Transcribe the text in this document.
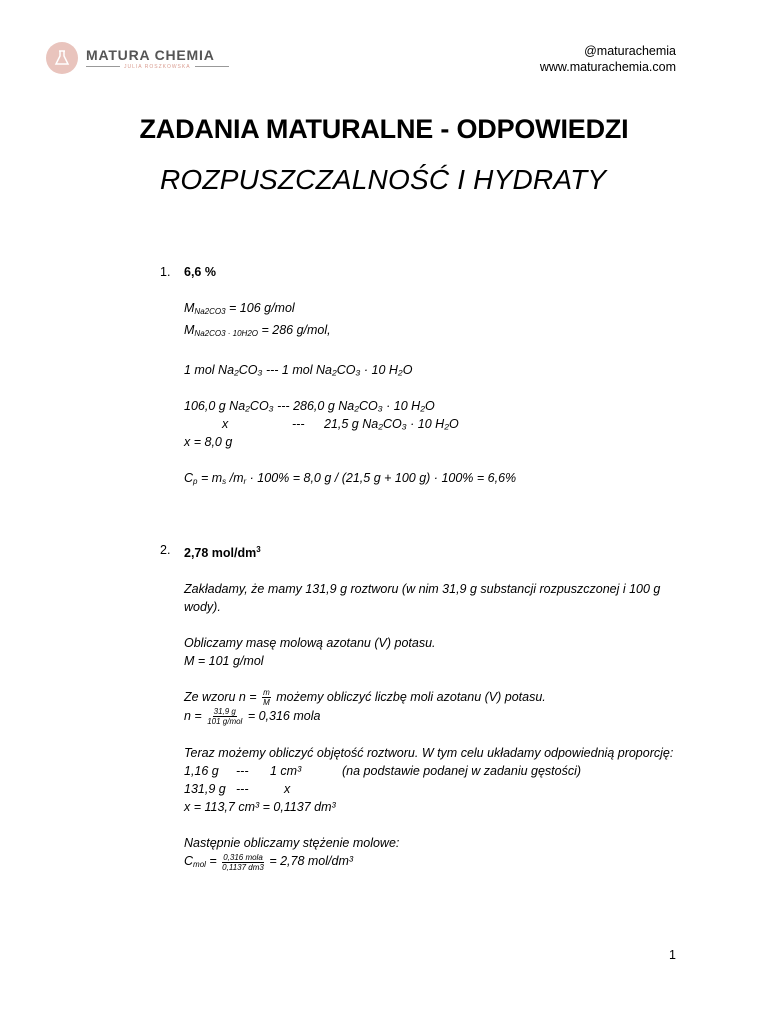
MATURA CHEMIA
JULIA ROSZKOWSKA
@maturachemia
www.maturachemia.com
ZADANIA MATURALNE - ODPOWIEDZI
ROZPUSZCZALNOŚĆ I HYDRATY
1. 6,6 %
$M_{Na2CO3} = 106$ g/mol
$M_{Na2CO3 \cdot 10H2O} = 286$ g/mol,
1 mol Na₂CO₃ --- 1 mol Na₂CO₃ · 10 H₂O
106,0 g Na₂CO₃ --- 286,0 g Na₂CO₃ · 10 H₂O
x	--- 21,5 g Na₂CO₃ · 10 H₂O
x = 8,0 g
$C_p = m_s$ $/m_r \cdot 100\% = 8,0$ g / (21,5 g + 100 g) · 100% = 6,6%
2. 2,78 mol/$dm^3$
Zakładamy, że mamy 131,9 g roztworu (w nim 31,9 g substancji rozpuszczonej i 100 g wody).
Obliczamy masę molową azotanu (V) potasu.
M = 101 g/mol
Ze wzoru $n = \frac{m}{M}$ możemy obliczyć liczbę moli azotanu (V) potasu.
$n = \frac{31,9 g}{\text{101 g/mol}} = 0,316$ mola
Teraz możemy obliczyć objętość roztworu. W tym celu układamy odpowiednią proporcję:
1,16 g --- 1 cm³	(na podstawie podanej w zadaniu gęstości)
131,9 g ---	x
x = 113,7 cm³ = 0,1137 dm³
Następnie obliczamy stężenie molowe:
$C_{mol} = \frac{\text{0,316 mola}}{0,1137 dm3} = 2,78$ mol/dm³
1
